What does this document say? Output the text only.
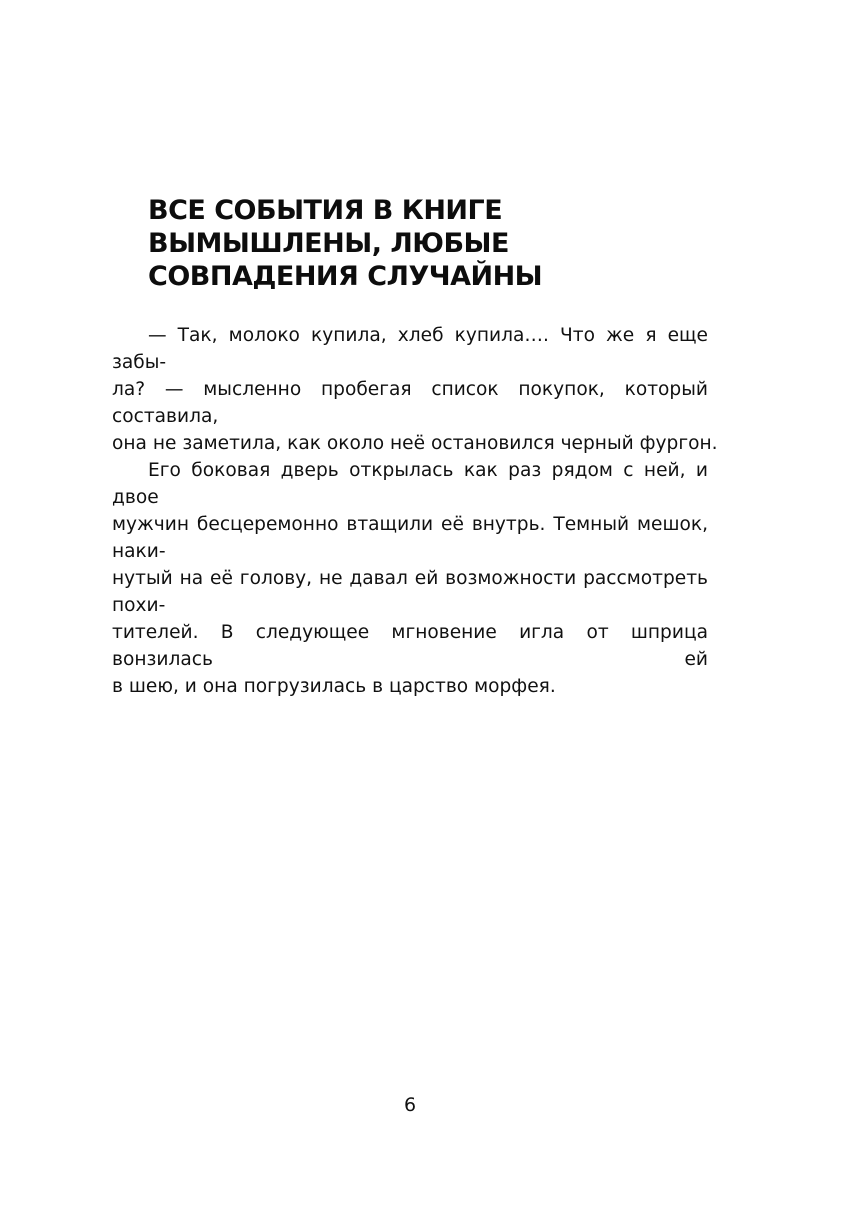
ВСЕ СОБЫТИЯ В КНИГЕ
ВЫМЫШЛЕНЫ, ЛЮБЫЕ
СОВПАДЕНИЯ СЛУЧАЙНЫ

— Так, молоко купила, хлеб купила…. Что же я еще забы-
ла? — мысленно пробегая список покупок, который составила,
она не заметила, как около неё остановился черный фургон.

Его боковая дверь открылась как раз рядом с ней, и двое
мужчин бесцеремонно втащили её внутрь. Темный мешок, наки-
нутый на её голову, не давал ей возможности рассмотреть похи-
тителей. В следующее мгновение игла от шприца вонзилась ей
в шею, и она погрузилась в царство морфея.

6
